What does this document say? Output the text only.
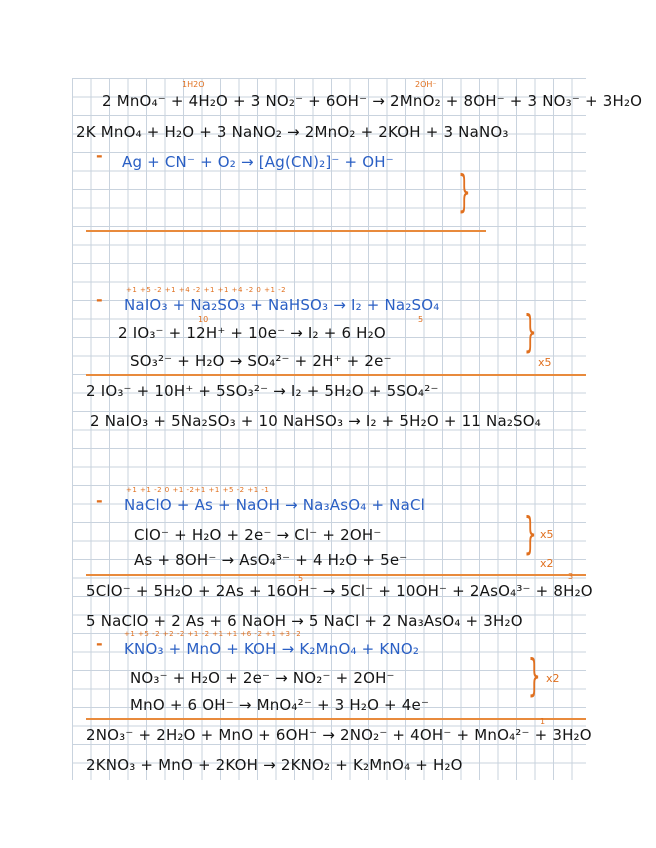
1H2O	2OH⁻
2 MnO₄⁻ + 4H₂O + 3 NO₂⁻ + 6OH⁻ → 2MnO₂ + 8OH⁻ + 3 NO₃⁻ + 3H₂O
2K MnO₄ + H₂O + 3 NaNO₂ → 2MnO₂ + 2KOH + 3 NaNO₃
- Ag + CN⁻ + O₂ → [Ag(CN)₂]⁻ + OH⁻
}
+1 +5 -2 +1 +4 -2 +1 +1 +4 -2 0 +1 -2
- NaIO₃ + Na₂SO₃ + NaHSO₃ → I₂ + Na₂SO₄
10	5
2 IO₃⁻ + 12H⁺ + 10e⁻ → I₂ + 6 H₂O
SO₃²⁻ + H₂O → SO₄²⁻ + 2H⁺ + 2e⁻
}
x5
2 IO₃⁻ + 10H⁺ + 5SO₃²⁻ → I₂ + 5H₂O + 5SO₄²⁻
2 NaIO₃ + 5Na₂SO₃ + 10 NaHSO₃ → I₂ + 5H₂O + 11 Na₂SO₄
+1 +1 -2 0 +1 -2+1 +1 +5 -2 +1 -1
- NaClO + As + NaOH → Na₃AsO₄ + NaCl
ClO⁻ + H₂O + 2e⁻ → Cl⁻ + 2OH⁻
As + 8OH⁻ → AsO₄³⁻ + 4 H₂O + 5e⁻
} x5
x2
5	3
5ClO⁻ + 5H₂O + 2As + 16OH⁻ → 5Cl⁻ + 10OH⁻ + 2AsO₄³⁻ + 8H₂O
5 NaClO + 2 As + 6 NaOH → 5 NaCl + 2 Na₃AsO₄ + 3H₂O
+1 +5 -2 +2 -2 +1 -2 +1 +1 +6 -2 +1 +3 -2
- KNO₃ + MnO + KOH → K₂MnO₄ + KNO₂
NO₃⁻ + H₂O + 2e⁻ → NO₂⁻ + 2OH⁻
MnO + 6 OH⁻ → MnO₄²⁻ + 3 H₂O + 4e⁻
} x2
1
2NO₃⁻ + 2H₂O + MnO + 6OH⁻ → 2NO₂⁻ + 4OH⁻ + MnO₄²⁻ + 3H₂O
2KNO₃ + MnO + 2KOH → 2KNO₂ + K₂MnO₄ + H₂O
